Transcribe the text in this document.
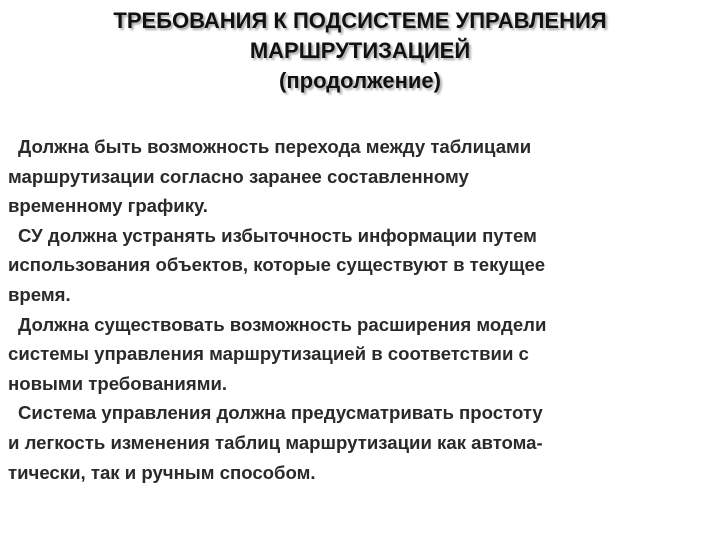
ТРЕБОВАНИЯ К ПОДСИСТЕМЕ УПРАВЛЕНИЯ
МАРШРУТИЗАЦИЕЙ
(продолжение)
Должна быть возможность перехода между таблицами
маршрутизации согласно заранее составленному
временному графику.
СУ должна устранять избыточность информации путем
использования объектов, которые существуют в текущее
время.
Должна существовать возможность расширения модели
системы управления маршрутизацией в соответствии с
новыми требованиями.
Система управления должна предусматривать простоту
и легкость изменения таблиц маршрутизации как автома-
тически, так и ручным способом.
